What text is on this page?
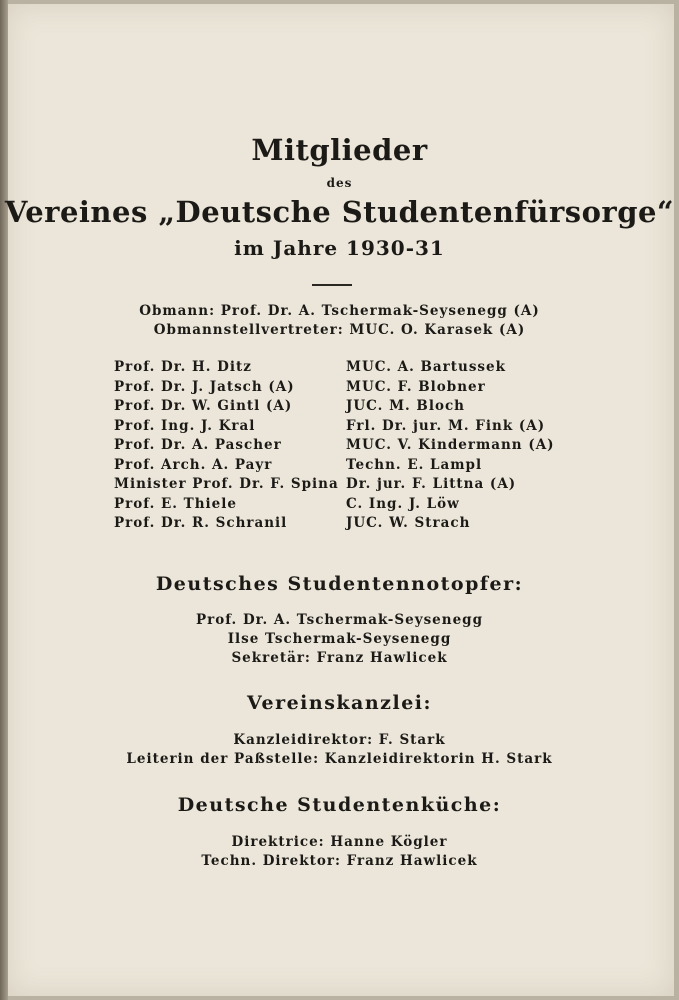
Mitglieder
des
Vereines „Deutsche Studentenfürsorge“
im Jahre 1930-31
Obmann: Prof. Dr. A. Tschermak-Seysenegg (A)
Obmannstellvertreter: MUC. O. Karasek (A)
Prof. Dr. H. Ditz
Prof. Dr. J. Jatsch (A)
Prof. Dr. W. Gintl (A)
Prof. Ing. J. Kral
Prof. Dr. A. Pascher
Prof. Arch. A. Payr
Minister Prof. Dr. F. Spina
Prof. E. Thiele
Prof. Dr. R. Schranil
MUC. A. Bartussek
MUC. F. Blobner
JUC. M. Bloch
Frl. Dr. jur. M. Fink (A)
MUC. V. Kindermann (A)
Techn. E. Lampl
Dr. jur. F. Littna (A)
C. Ing. J. Löw
JUC. W. Strach
Deutsches Studentennotopfer:
Prof. Dr. A. Tschermak-Seysenegg
Ilse Tschermak-Seysenegg
Sekretär: Franz Hawlicek
Vereinskanzlei:
Kanzleidirektor: F. Stark
Leiterin der Paßstelle: Kanzleidirektorin H. Stark
Deutsche Studentenküche:
Direktrice: Hanne Kögler
Techn. Direktor: Franz Hawlicek
